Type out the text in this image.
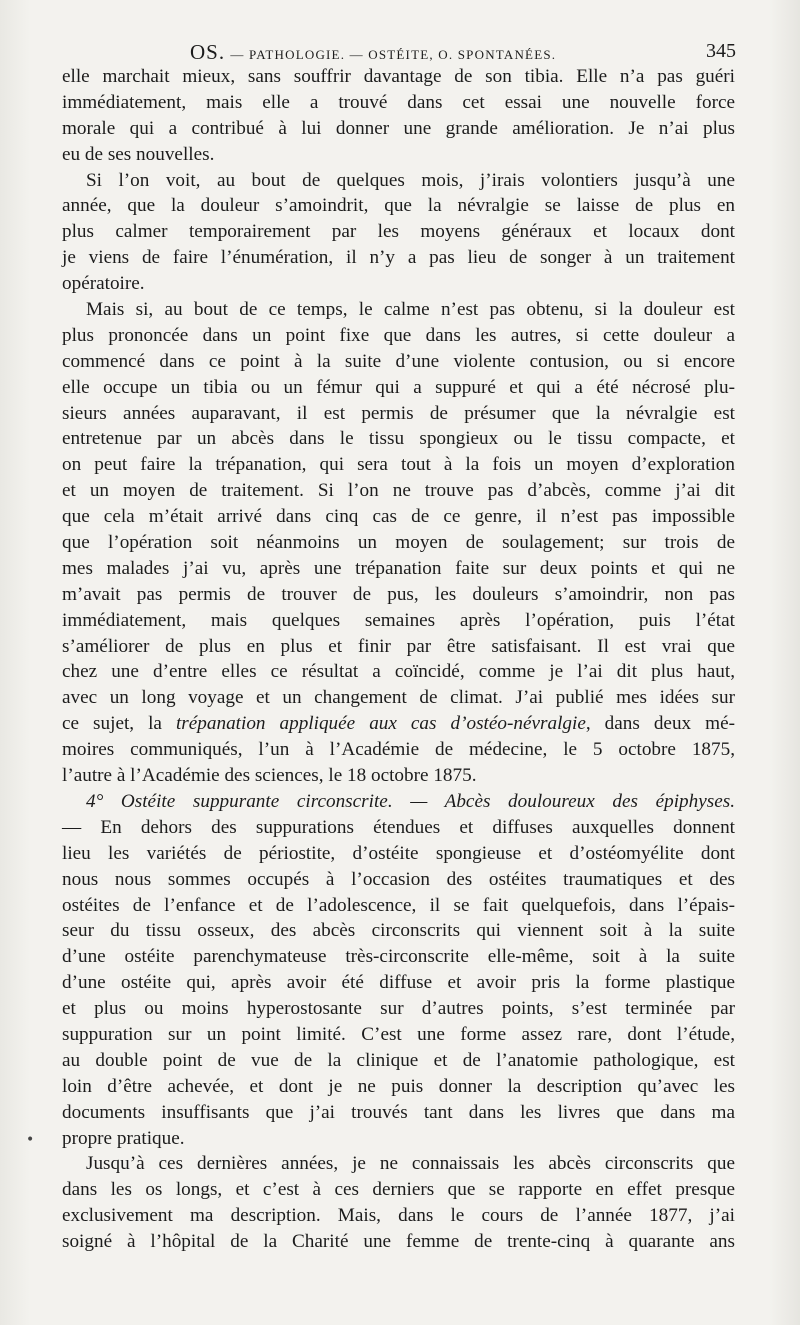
OS. — PATHOLOGIE. — OSTÉITE, O. SPONTANÉES.	345
•
elle marchait mieux, sans souffrir davantage de son tibia. Elle n’a pas guéri
immédiatement, mais elle a trouvé dans cet essai une nouvelle force
morale qui a contribué à lui donner une grande amélioration. Je n’ai plus
eu de ses nouvelles.
Si l’on voit, au bout de quelques mois, j’irais volontiers jusqu’à une
année, que la douleur s’amoindrit, que la névralgie se laisse de plus en
plus calmer temporairement par les moyens généraux et locaux dont
je viens de faire l’énumération, il n’y a pas lieu de songer à un traitement
opératoire.
Mais si, au bout de ce temps, le calme n’est pas obtenu, si la douleur est
plus prononcée dans un point fixe que dans les autres, si cette douleur a
commencé dans ce point à la suite d’une violente contusion, ou si encore
elle occupe un tibia ou un fémur qui a suppuré et qui a été nécrosé plu-
sieurs années auparavant, il est permis de présumer que la névralgie est
entretenue par un abcès dans le tissu spongieux ou le tissu compacte, et
on peut faire la trépanation, qui sera tout à la fois un moyen d’exploration
et un moyen de traitement. Si l’on ne trouve pas d’abcès, comme j’ai dit
que cela m’était arrivé dans cinq cas de ce genre, il n’est pas impossible
que l’opération soit néanmoins un moyen de soulagement; sur trois de
mes malades j’ai vu, après une trépanation faite sur deux points et qui ne
m’avait pas permis de trouver de pus, les douleurs s’amoindrir, non pas
immédiatement, mais quelques semaines après l’opération, puis l’état
s’améliorer de plus en plus et finir par être satisfaisant. Il est vrai que
chez une d’entre elles ce résultat a coïncidé, comme je l’ai dit plus haut,
avec un long voyage et un changement de climat. J’ai publié mes idées sur
ce sujet, la trépanation appliquée aux cas d’ostéo-névralgie, dans deux mé-
moires communiqués, l’un à l’Académie de médecine, le 5 octobre 1875,
l’autre à l’Académie des sciences, le 18 octobre 1875.
4° Ostéite suppurante circonscrite. — Abcès douloureux des épiphyses.
— En dehors des suppurations étendues et diffuses auxquelles donnent
lieu les variétés de périostite, d’ostéite spongieuse et d’ostéomyélite dont
nous nous sommes occupés à l’occasion des ostéites traumatiques et des
ostéites de l’enfance et de l’adolescence, il se fait quelquefois, dans l’épais-
seur du tissu osseux, des abcès circonscrits qui viennent soit à la suite
d’une ostéite parenchymateuse très-circonscrite elle-même, soit à la suite
d’une ostéite qui, après avoir été diffuse et avoir pris la forme plastique
et plus ou moins hyperostosante sur d’autres points, s’est terminée par
suppuration sur un point limité. C’est une forme assez rare, dont l’étude,
au double point de vue de la clinique et de l’anatomie pathologique, est
loin d’être achevée, et dont je ne puis donner la description qu’avec les
documents insuffisants que j’ai trouvés tant dans les livres que dans ma
propre pratique.
Jusqu’à ces dernières années, je ne connaissais les abcès circonscrits que
dans les os longs, et c’est à ces derniers que se rapporte en effet presque
exclusivement ma description. Mais, dans le cours de l’année 1877, j’ai
soigné à l’hôpital de la Charité une femme de trente-cinq à quarante ans
